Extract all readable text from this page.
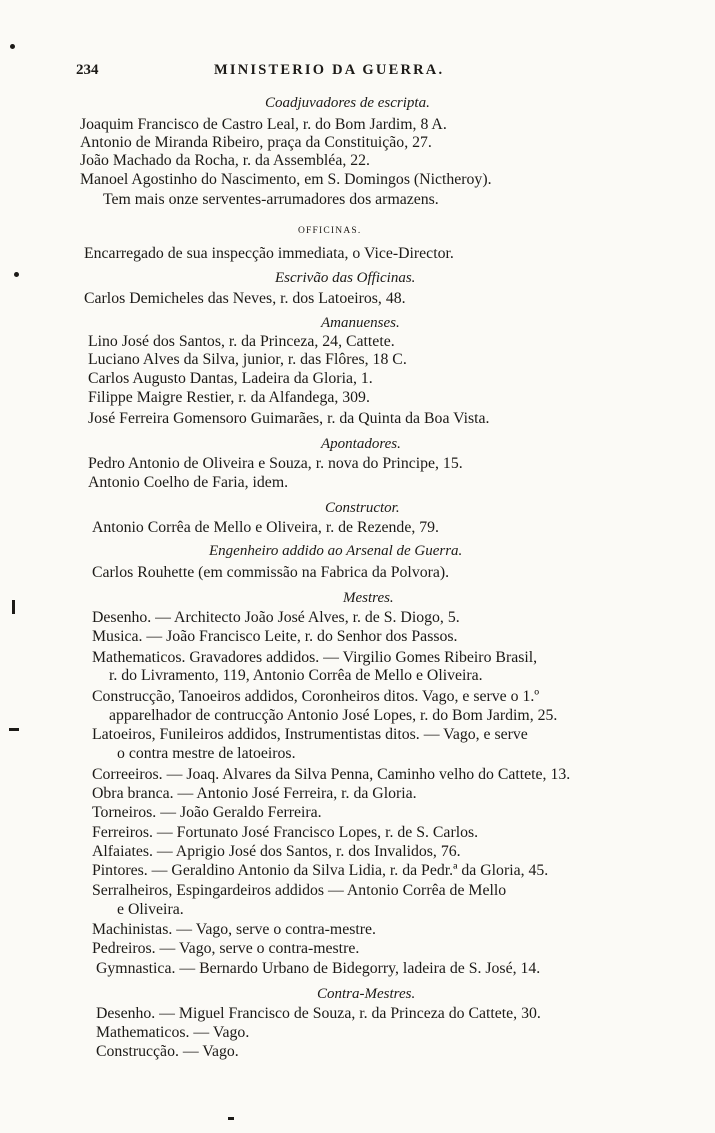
234	MINISTERIO DA GUERRA.
Coadjuvadores de escripta.
Joaquim Francisco de Castro Leal, r. do Bom Jardim, 8 A.
Antonio de Miranda Ribeiro, praça da Constituição, 27.
João Machado da Rocha, r. da Assembléa, 22.
Manoel Agostinho do Nascimento, em S. Domingos (Nictheroy).
Tem mais onze serventes-arrumadores dos armazens.
OFFICINAS.
Encarregado de sua inspecção immediata, o Vice-Director.
Escrivão das Officinas.
Carlos Demicheles das Neves, r. dos Latoeiros, 48.
Amanuenses.
Lino José dos Santos, r. da Princeza, 24, Cattete.
Luciano Alves da Silva, junior, r. das Flôres, 18 C.
Carlos Augusto Dantas, Ladeira da Gloria, 1.
Filippe Maigre Restier, r. da Alfandega, 309.
José Ferreira Gomensoro Guimarães, r. da Quinta da Boa Vista.
Apontadores.
Pedro Antonio de Oliveira e Souza, r. nova do Principe, 15.
Antonio Coelho de Faria, idem.
Constructor.
Antonio Corrêa de Mello e Oliveira, r. de Rezende, 79.
Engenheiro addido ao Arsenal de Guerra.
Carlos Rouhette (em commissão na Fabrica da Polvora).
Mestres.
Desenho. — Architecto João José Alves, r. de S. Diogo, 5.
Musica. — João Francisco Leite, r. do Senhor dos Passos.
Mathematicos. Gravadores addidos. — Virgilio Gomes Ribeiro Brasil,
r. do Livramento, 119, Antonio Corrêa de Mello e Oliveira.
Construcção, Tanoeiros addidos, Coronheiros ditos. Vago, e serve o 1.º
apparelhador de contrucção Antonio José Lopes, r. do Bom Jardim, 25.
Latoeiros, Funileiros addidos, Instrumentistas ditos. — Vago, e serve
o contra mestre de latoeiros.
Correeiros. — Joaq. Alvares da Silva Penna, Caminho velho do Cattete, 13.
Obra branca. — Antonio José Ferreira, r. da Gloria.
Torneiros. — João Geraldo Ferreira.
Ferreiros. — Fortunato José Francisco Lopes, r. de S. Carlos.
Alfaiates. — Aprigio José dos Santos, r. dos Invalidos, 76.
Pintores. — Geraldino Antonio da Silva Lidia, r. da Pedr.ª da Gloria, 45.
Serralheiros, Espingardeiros addidos — Antonio Corrêa de Mello
e Oliveira.
Machinistas. — Vago, serve o contra-mestre.
Pedreiros. — Vago, serve o contra-mestre.
Gymnastica. — Bernardo Urbano de Bidegorry, ladeira de S. José, 14.
Contra-Mestres.
Desenho. — Miguel Francisco de Souza, r. da Princeza do Cattete, 30.
Mathematicos. — Vago.
Construcção. — Vago.
